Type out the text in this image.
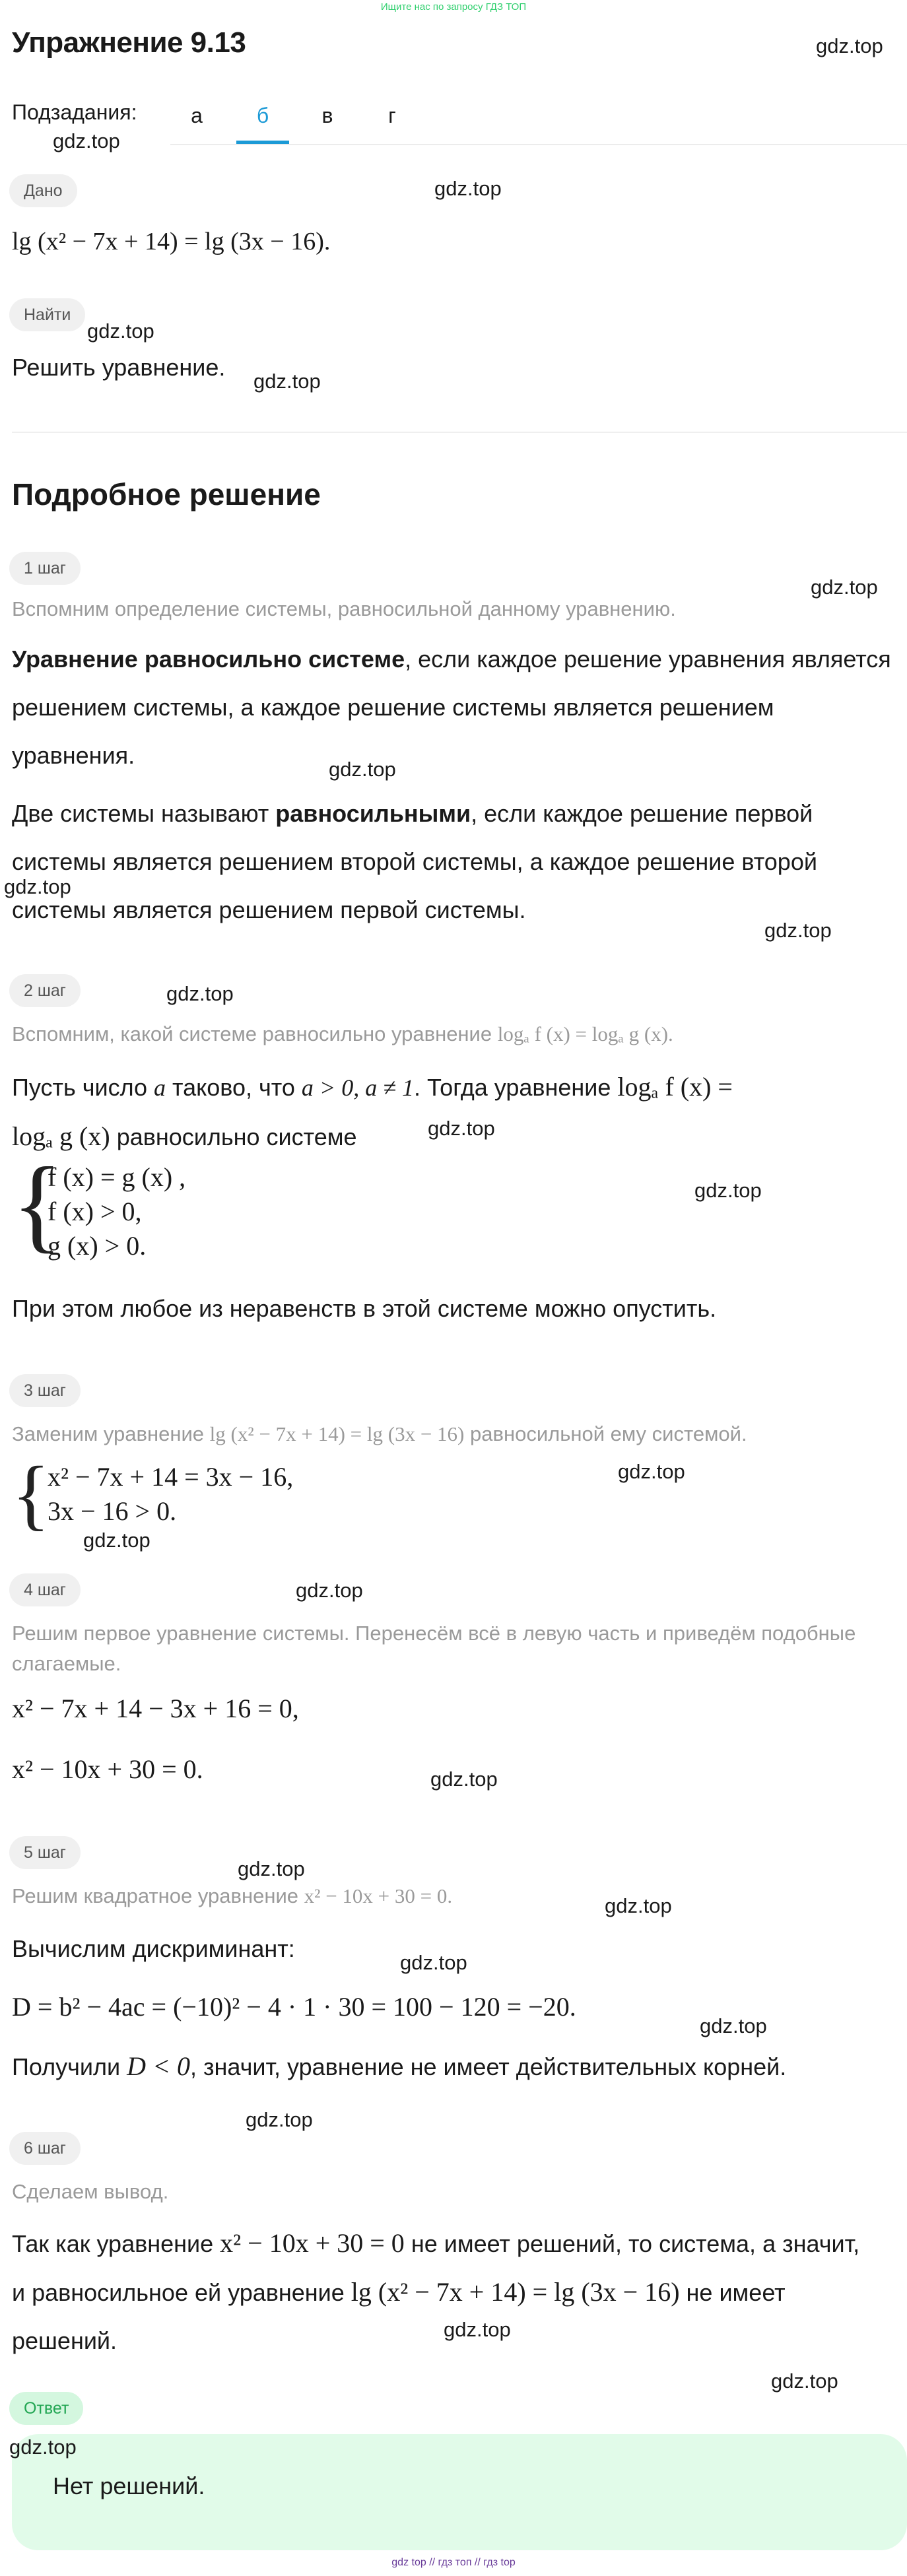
Ищите нас по запросу ГДЗ ТОП
Упражнение 9.13	gdz.top
gdz.top
gdz.top
gdz.top
gdz.top
gdz.top
gdz.top
gdz.top
gdz.top
gdz.top
gdz.top
gdz.top
gdz.top
gdz.top
gdz.top
gdz.top
gdz.top
gdz.top
gdz.top
gdz.top
gdz.top
gdz.top
gdz.top
gdz.top
Подзадания:	а	б	в	г
Дано
lg (x² − 7x + 14) = lg (3x − 16).
Найти
Решить уравнение.
Подробное решение
1 шаг
Вспомним определение системы, равносильной данному уравнению.
Уравнение равносильно системе, если каждое решение уравнения является
решением системы, а каждое решение системы является решением
уравнения.
Две системы называют равносильными, если каждое решение первой
системы является решением второй системы, а каждое решение второй
системы является решением первой системы.
2 шаг
Вспомним, какой системе равносильно уравнение logₐ f (x) = logₐ g (x).
Пусть число a таково, что a > 0, a ≠ 1. Тогда уравнение logₐ f (x) =
logₐ g (x) равносильно системе
{
f (x) = g (x) ,
f (x) > 0,
g (x) > 0.
При этом любое из неравенств в этой системе можно опустить.
3 шаг
Заменим уравнение lg (x² − 7x + 14) = lg (3x − 16) равносильной ему системой.
{
x² − 7x + 14 = 3x − 16,
3x − 16 > 0.
4 шаг
Решим первое уравнение системы. Перенесём всё в левую часть и приведём подобные
слагаемые.
x² − 7x + 14 − 3x + 16 = 0,
x² − 10x + 30 = 0.
5 шаг
Решим квадратное уравнение x² − 10x + 30 = 0.
Вычислим дискриминант:
D = b² − 4ac = (−10)² − 4 · 1 · 30 = 100 − 120 = −20.
Получили D < 0, значит, уравнение не имеет действительных корней.
6 шаг
Сделаем вывод.
Так как уравнение x² − 10x + 30 = 0 не имеет решений, то система, а значит,
и равносильное ей уравнение lg (x² − 7x + 14) = lg (3x − 16) не имеет
решений.
Ответ
Нет решений.
gdz top // гдз топ // гдз top
